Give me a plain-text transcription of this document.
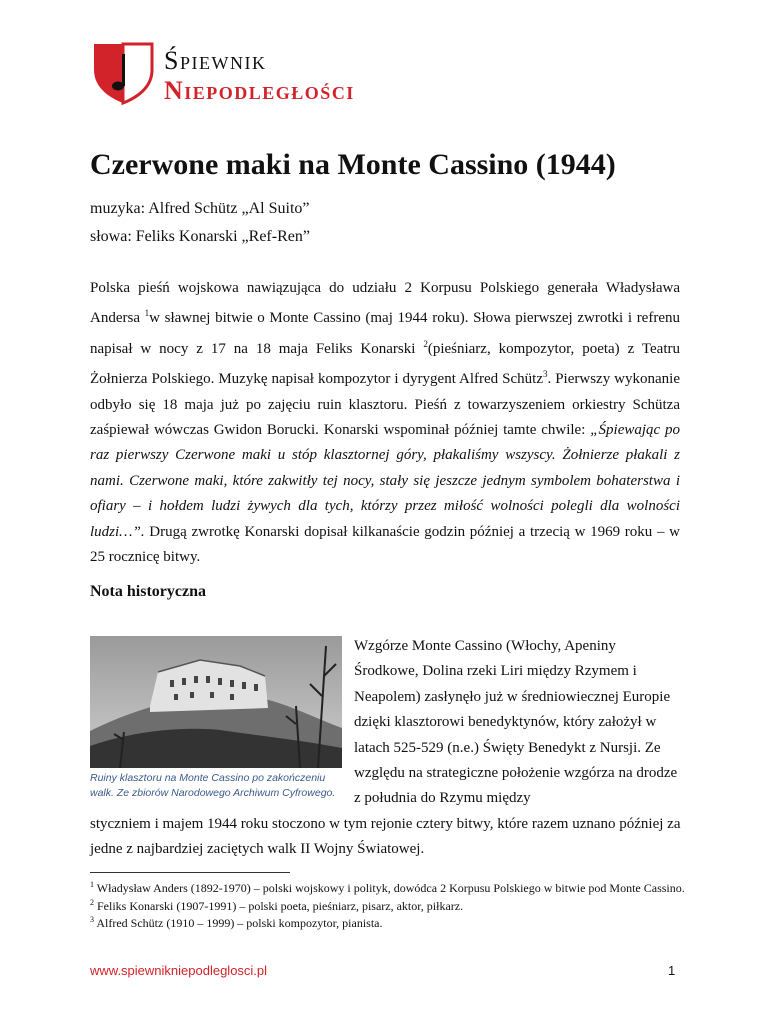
Śpiewnik
Niepodległości
Czerwone maki na Monte Cassino (1944)
muzyka: Alfred Schütz „Al Suito”
słowa: Feliks Konarski „Ref-Ren”

Polska pieśń wojskowa nawiązująca do udziału 2 Korpusu Polskiego generała Władysława Andersa $^1$w sławnej bitwie o Monte Cassino (maj 1944 roku). Słowa pierwszej zwrotki i refrenu napisał w nocy z 17 na 18 maja Feliks Konarski $^2$(pieśniarz, kompozytor, poeta) z Teatru Żołnierza Polskiego. Muzykę napisał kompozytor i dyrygent Alfred Schütz$^3$. Pierwszy wykonanie odbyło się 18 maja już po zajęciu ruin klasztoru. Pieśń z towarzyszeniem orkiestry Schütza zaśpiewał wówczas Gwidon Borucki. Konarski wspominał później tamte chwile: „Śpiewając po raz pierwszy Czerwone maki u stóp klasztornej góry, płakaliśmy wszyscy. Żołnierze płakali z nami. Czerwone maki, które zakwitły tej nocy, stały się jeszcze jednym symbolem bohaterstwa i ofiary – i hołdem ludzi żywych dla tych, którzy przez miłość wolności polegli dla wolności ludzi…”. Drugą zwrotkę Konarski dopisał kilkanaście godzin później a trzecią w 1969 roku – w 25 rocznicę bitwy.

Nota historyczna
Ruiny klasztoru na Monte Cassino po zakończeniu walk. Ze zbiorów Narodowego Archiwum Cyfrowego.

Wzgórze Monte Cassino (Włochy, Apeniny Środkowe, Dolina rzeki Liri między Rzymem i Neapolem) zasłynęło już w średniowiecznej Europie dzięki klasztorowi benedyktynów, który założył w latach 525-529 (n.e.) Święty Benedykt z Nursji. Ze względu na strategiczne położenie wzgórza na drodze z południa do Rzymu między

styczniem i majem 1944 roku stoczono w tym rejonie cztery bitwy, które razem uznano później za jedne z najbardziej zaciętych walk II Wojny Światowej.

$^1$ Władysław Anders (1892-1970) – polski wojskowy i polityk, dowódca 2 Korpusu Polskiego w bitwie pod Monte Cassino.
$^2$ Feliks Konarski (1907-1991) – polski poeta, pieśniarz, pisarz, aktor, piłkarz.
$^3$ Alfred Schütz (1910 – 1999) – polski kompozytor, pianista.
www.spiewnikniepodleglosci.pl	1
